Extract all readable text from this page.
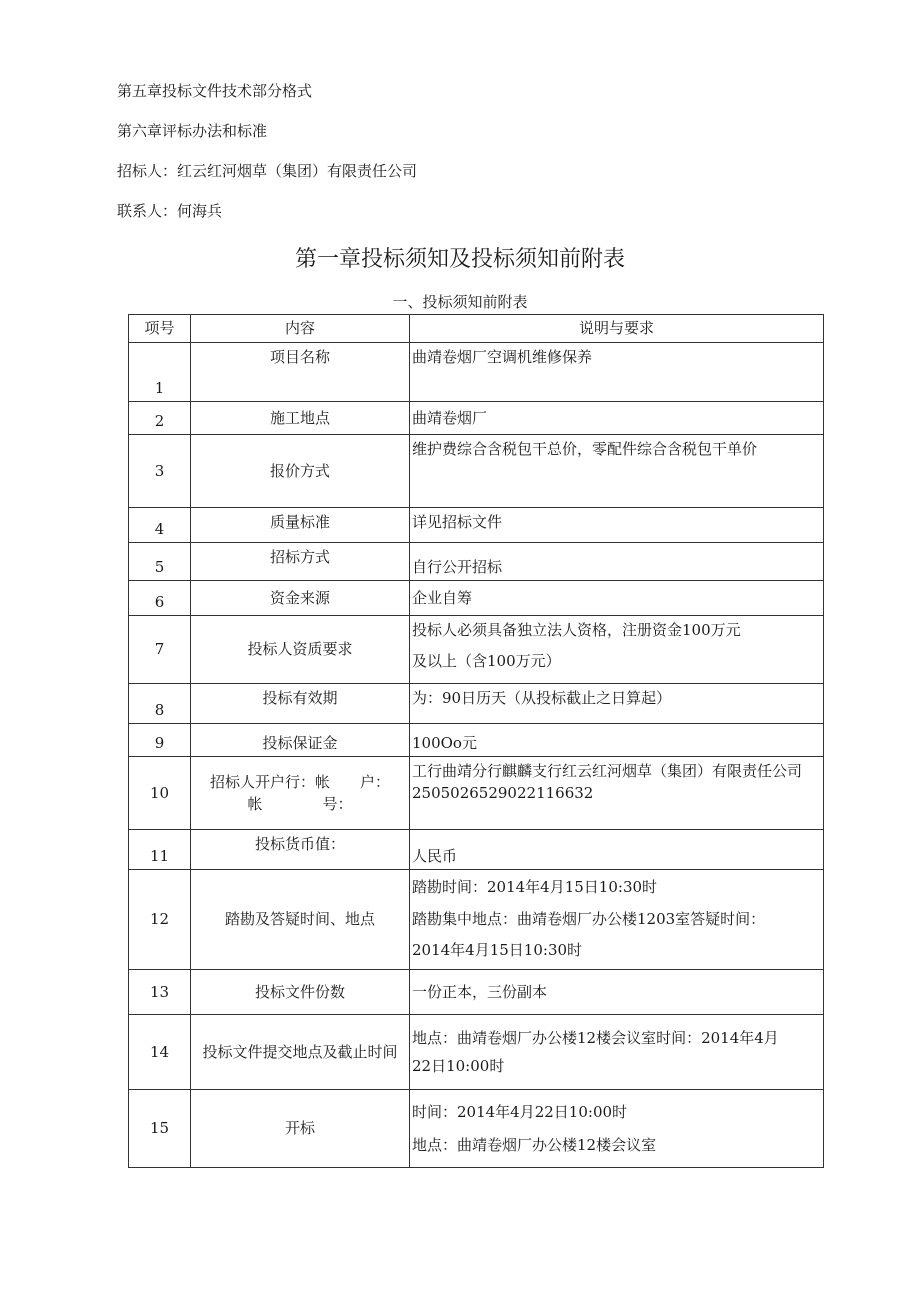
第五章投标文件技术部分格式
第六章评标办法和标准
招标人：红云红河烟草（集团）有限责任公司
联系人：何海兵
第一章投标须知及投标须知前附表
一、投标须知前附表
项号	内容	说明与要求
1	项目名称	曲靖卷烟厂空调机维修保养
2	施工地点	曲靖卷烟厂
3	报价方式	维护费综合含税包干总价，零配件综合含税包干单价
4	质量标准	详见招标文件
5	招标方式	自行公开招标
6	资金来源	企业自筹
7	投标人资质要求	投标人必须具备独立法人资格，注册资金100万元
及以上（含100万元）

8	投标有效期	为：90日历天（从投标截止之日算起）
9	投标保证金	100Oo元
10	招标人开户行：帐　　户：
帐　　　　号：	工行曲靖分行麒麟支行红云红河烟草（集团）有限责任公司
2505026529022116632

11	投标货币值：	人民币
12	踏勘及答疑时间、地点	踏勘时间：2014年4月15日10:30时
踏勘集中地点：曲靖卷烟厂办公楼1203室答疑时间：
2014年4月15日10:30时

13	投标文件份数	一份正本，三份副本
14	投标文件提交地点及截止时间	地点：曲靖卷烟厂办公楼12楼会议室时间：2014年4月
22日10:00时

15	开标	时间：2014年4月22日10:00时
地点：曲靖卷烟厂办公楼12楼会议室
